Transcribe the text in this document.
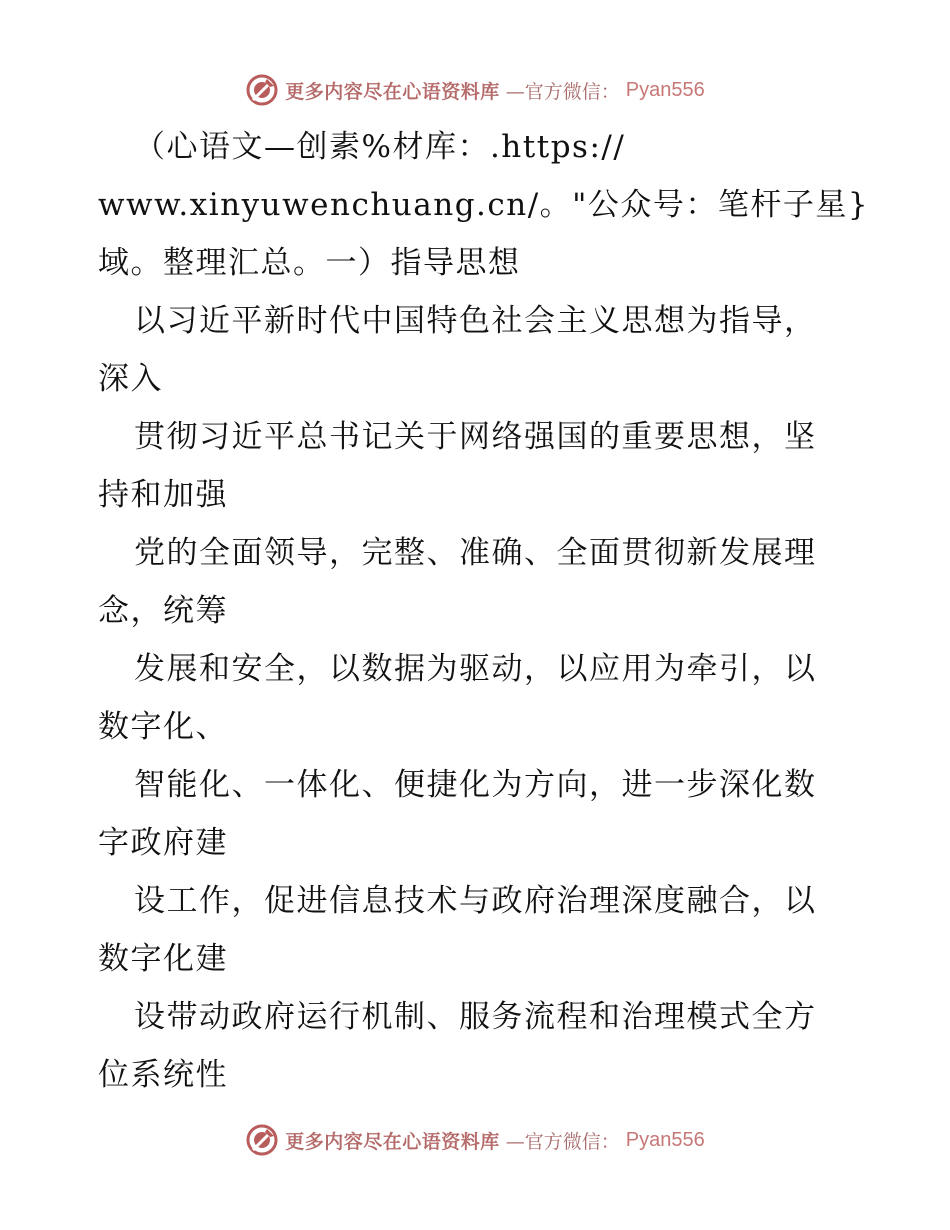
更多内容尽在心语资料库 —官方微信： Pyan556
（心语文—创素%材库：.https://
www.xinyuwenchuang.cn/。"公众号：笔杆子星}
域。整理汇总。一）指导思想
以习近平新时代中国特色社会主义思想为指导，
深入
贯彻习近平总书记关于网络强国的重要思想，坚
持和加强
党的全面领导，完整、准确、全面贯彻新发展理
念，统筹
发展和安全，以数据为驱动，以应用为牵引，以
数字化、
智能化、一体化、便捷化为方向，进一步深化数
字政府建
设工作，促进信息技术与政府治理深度融合，以
数字化建
设带动政府运行机制、服务流程和治理模式全方
位系统性
更多内容尽在心语资料库 —官方微信： Pyan556
